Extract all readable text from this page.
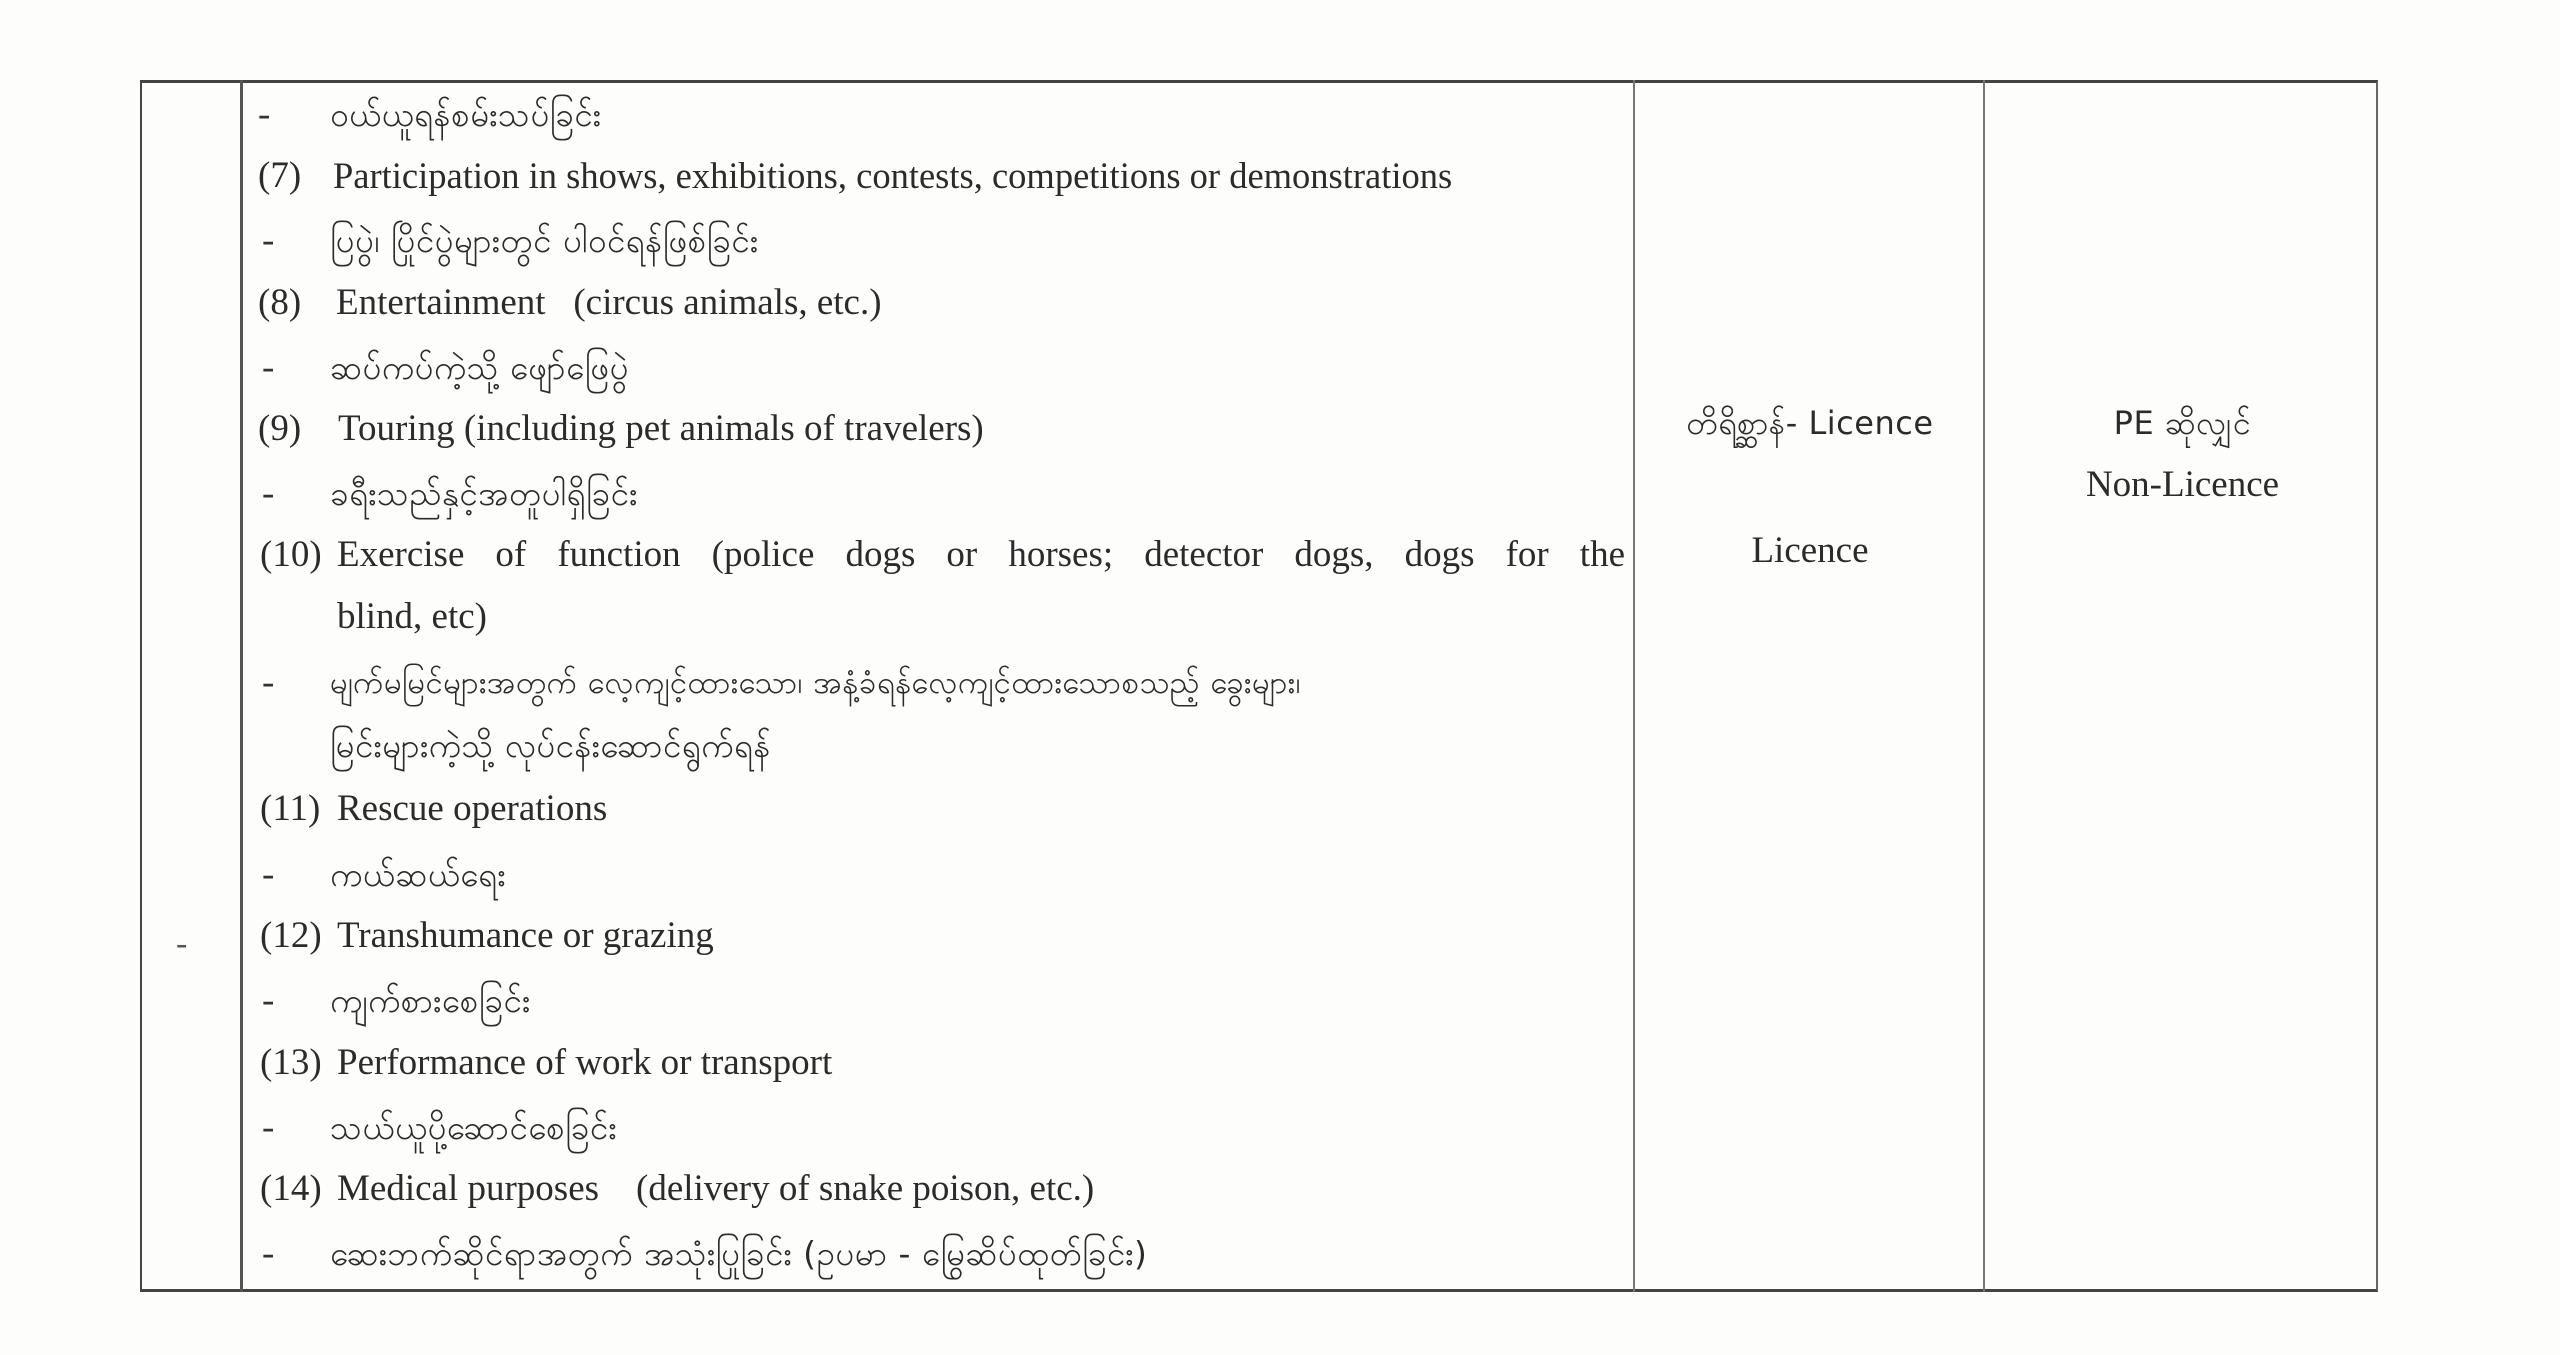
-
- ဝယ်ယူရန်စမ်းသပ်ခြင်း
(7) Participation in shows, exhibitions, contests, competitions or demonstrations
- ပြပွဲ၊ ပြိုင်ပွဲများတွင် ပါဝင်ရန်ဖြစ်ခြင်း
(8) Entertainment   (circus animals, etc.)
- ဆပ်ကပ်ကဲ့သို့ ဖျော်ဖြေပွဲ
(9) Touring (including pet animals of travelers)
- ခရီးသည်နှင့်အတူပါရှိခြင်း
(10) Exercise of function (police dogs or horses; detector dogs, dogs for the
blind, etc)
- မျက်မမြင်များအတွက် လေ့ကျင့်ထားသော၊ အနံ့ခံရန်လေ့ကျင့်ထားသောစသည့် ခွေးများ၊
မြင်းများကဲ့သို့ လုပ်ငန်းဆောင်ရွက်ရန်
(11) Rescue operations
- ကယ်ဆယ်ရေး
(12) Transhumance or grazing
- ကျက်စားစေခြင်း
(13) Performance of work or transport
- သယ်ယူပို့ဆောင်စေခြင်း
(14) Medical purposes    (delivery of snake poison, etc.)
- ဆေးဘက်ဆိုင်ရာအတွက် အသုံးပြုခြင်း (ဥပမာ - မြွေဆိပ်ထုတ်ခြင်း)
တိရိစ္ဆာန်- Licence
Licence
PE ဆိုလျှင်
Non-Licence
